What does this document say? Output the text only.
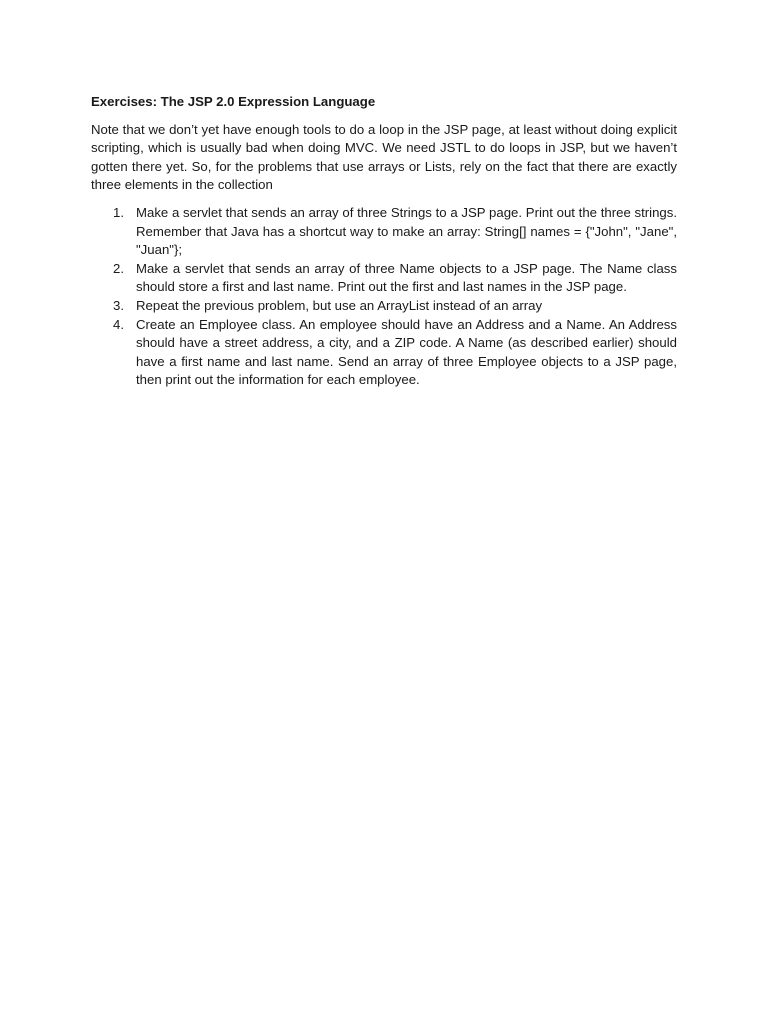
Exercises: The JSP 2.0 Expression Language

Note that we don’t yet have enough tools to do a loop in the JSP page, at least without doing explicit scripting, which is usually bad when doing MVC. We need JSTL to do loops in JSP, but we haven’t gotten there yet. So, for the problems that use arrays or Lists, rely on the fact that there are exactly three elements in the collection

1. Make a servlet that sends an array of three Strings to a JSP page. Print out the three strings. Remember that Java has a shortcut way to make an array: String[] names = {"John", "Jane", "Juan"};
2. Make a servlet that sends an array of three Name objects to a JSP page. The Name class should store a first and last name. Print out the first and last names in the JSP page.
3. Repeat the previous problem, but use an ArrayList instead of an array
4. Create an Employee class. An employee should have an Address and a Name. An Address should have a street address, a city, and a ZIP code. A Name (as described earlier) should have a first name and last name. Send an array of three Employee objects to a JSP page, then print out the information for each employee.
